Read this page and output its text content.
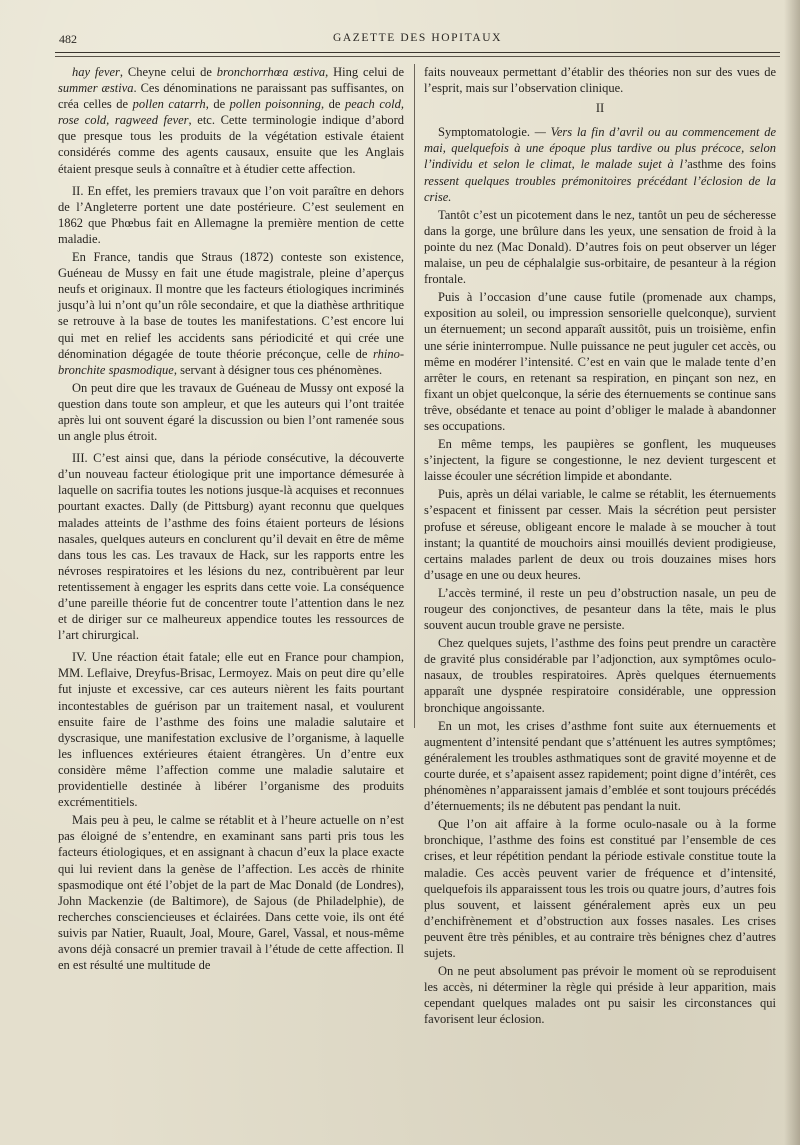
482	GAZETTE DES HOPITAUX

hay fever, Cheyne celui de bronchorrhœa æstiva, Hing celui de summer æstiva. Ces dénominations ne paraissant pas suffisantes, on créa celles de pollen catarrh, de pollen poisonning, de peach cold, rose cold, ragweed fever, etc. Cette terminologie indique d’abord que presque tous les produits de la végétation estivale étaient considérés comme des agents causaux, ensuite que les Anglais étaient presque seuls à connaître et à étudier cette affection.

II. En effet, les premiers travaux que l’on voit paraître en dehors de l’Angleterre portent une date postérieure. C’est seulement en 1862 que Phœbus fait en Allemagne la première mention de cette maladie.

En France, tandis que Straus (1872) conteste son existence, Guéneau de Mussy en fait une étude magistrale, pleine d’aperçus neufs et originaux. Il montre que les facteurs étiologiques incriminés jusqu’à lui n’ont qu’un rôle secondaire, et que la diathèse arthritique se retrouve à la base de toutes les manifestations. C’est encore lui qui met en relief les accidents sans périodicité et qui crée une dénomination dégagée de toute théorie préconçue, celle de rhino-bronchite spasmodique, servant à désigner tous ces phénomènes.

On peut dire que les travaux de Guéneau de Mussy ont exposé la question dans toute son ampleur, et que les auteurs qui l’ont traitée après lui ont souvent égaré la discussion ou bien l’ont ramenée sous un angle plus étroit.

III. C’est ainsi que, dans la période consécutive, la découverte d’un nouveau facteur étiologique prit une importance démesurée à laquelle on sacrifia toutes les notions jusque-là acquises et reconnues pourtant exactes. Dally (de Pittsburg) ayant reconnu que quelques malades atteints de l’asthme des foins étaient porteurs de lésions nasales, quelques auteurs en conclurent qu’il devait en être de même dans tous les cas. Les travaux de Hack, sur les rapports entre les névroses respiratoires et les lésions du nez, contribuèrent par leur retentissement à engager les esprits dans cette voie. La conséquence d’une pareille théorie fut de concentrer toute l’attention dans le nez et de diriger sur ce malheureux appendice toutes les ressources de l’art chirurgical.

IV. Une réaction était fatale; elle eut en France pour champion, MM. Leflaive, Dreyfus-Brisac, Lermoyez. Mais on peut dire qu’elle fut injuste et excessive, car ces auteurs nièrent les faits pourtant incontestables de guérison par un traitement nasal, et voulurent ensuite faire de l’asthme des foins une maladie salutaire et dyscrasique, une manifestation exclusive de l’organisme, à laquelle les influences extérieures étaient étrangères. Un d’entre eux considère même l’affection comme une maladie salutaire et providentielle destinée à libérer l’organisme des produits excrémentitiels.

Mais peu à peu, le calme se rétablit et à l’heure actuelle on n’est pas éloigné de s’entendre, en examinant sans parti pris tous les facteurs étiologiques, et en assignant à chacun d’eux la place exacte qui lui revient dans la genèse de l’affection. Les accès de rhinite spasmodique ont été l’objet de la part de Mac Donald (de Londres), John Mackenzie (de Baltimore), de Sajous (de Philadelphie), de recherches consciencieuses et éclairées. Dans cette voie, ils ont été suivis par Natier, Ruault, Joal, Moure, Garel, Vassal, et nous-même avons déjà consacré un premier travail à l’étude de cette affection. Il en est résulté une multitude de

faits nouveaux permettant d’établir des théories non sur des vues de l’esprit, mais sur l’observation clinique.

II

Symptomatologie. — Vers la fin d’avril ou au commencement de mai, quelquefois à une époque plus tardive ou plus précoce, selon l’individu et selon le climat, le malade sujet à l’asthme des foins ressent quelques troubles prémonitoires précédant l’éclosion de la crise.

Tantôt c’est un picotement dans le nez, tantôt un peu de sécheresse dans la gorge, une brûlure dans les yeux, une sensation de froid à la pointe du nez (Mac Donald). D’autres fois on peut observer un léger malaise, un peu de céphalalgie sus-orbitaire, de pesanteur à la région frontale.

Puis à l’occasion d’une cause futile (promenade aux champs, exposition au soleil, ou impression sensorielle quelconque), survient un éternuement; un second apparaît aussitôt, puis un troisième, enfin une série ininterrompue. Nulle puissance ne peut juguler cet accès, ou même en modérer l’intensité. C’est en vain que le malade tente d’en arrêter le cours, en retenant sa respiration, en pinçant son nez, en fixant un objet quelconque, la série des éternuements se continue sans trêve, obsédante et tenace au point d’obliger le malade à abandonner ses occupations.

En même temps, les paupières se gonflent, les muqueuses s’injectent, la figure se congestionne, le nez devient turgescent et laisse écouler une sécrétion limpide et abondante.

Puis, après un délai variable, le calme se rétablit, les éternuements s’espacent et finissent par cesser. Mais la sécrétion peut persister profuse et séreuse, obligeant encore le malade à se moucher à tout instant; la quantité de mouchoirs ainsi mouillés devient prodigieuse, certains malades parlent de deux ou trois douzaines mises hors d’usage en une ou deux heures.

L’accès terminé, il reste un peu d’obstruction nasale, un peu de rougeur des conjonctives, de pesanteur dans la tête, mais le plus souvent aucun trouble grave ne persiste.

Chez quelques sujets, l’asthme des foins peut prendre un caractère de gravité plus considérable par l’adjonction, aux symptômes oculo-nasaux, de troubles respiratoires. Après quelques éternuements apparaît une dyspnée respiratoire considérable, une oppression bronchique angoissante.

En un mot, les crises d’asthme font suite aux éternuements et augmentent d’intensité pendant que s’atténuent les autres symptômes; généralement les troubles asthmatiques sont de gravité moyenne et de courte durée, et s’apaisent assez rapidement; point digne d’intérêt, ces phénomènes n’apparaissent jamais d’emblée et sont toujours précédés d’éternuements; ils ne débutent pas pendant la nuit.

Que l’on ait affaire à la forme oculo-nasale ou à la forme bronchique, l’asthme des foins est constitué par l’ensemble de ces crises, et leur répétition pendant la période estivale constitue toute la maladie. Ces accès peuvent varier de fréquence et d’intensité, quelquefois ils apparaissent tous les trois ou quatre jours, d’autres fois plus souvent, et laissent généralement après eux un peu d’enchifrènement et d’obstruction aux fosses nasales. Les crises peuvent être très pénibles, et au contraire très bénignes chez d’autres sujets.

On ne peut absolument pas prévoir le moment où se reproduisent les accès, ni déterminer la règle qui préside à leur apparition, mais cependant quelques malades ont pu saisir les circonstances qui favorisent leur éclosion.
